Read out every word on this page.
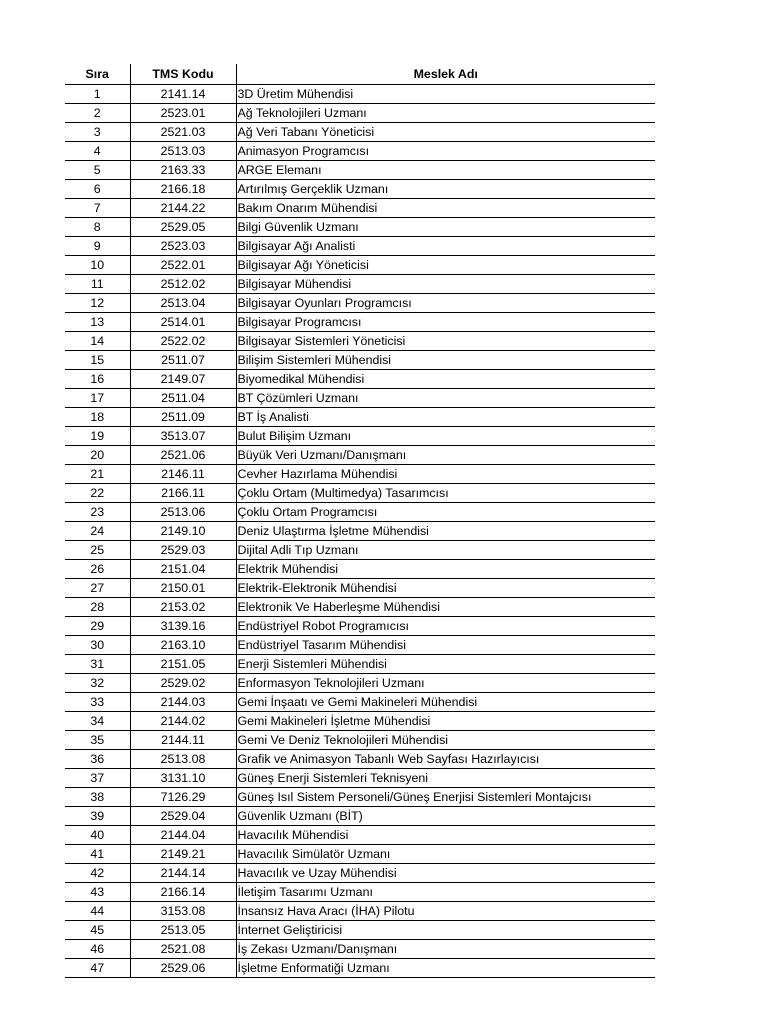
Sıra	TMS Kodu	Meslek Adı
1	2141.14	3D Üretim Mühendisi
2	2523.01	Ağ Teknolojileri Uzmanı
3	2521.03	Ağ Veri Tabanı Yöneticisi
4	2513.03	Animasyon Programcısı
5	2163.33	ARGE Elemanı
6	2166.18	Artırılmış Gerçeklik Uzmanı
7	2144.22	Bakım Onarım Mühendisi
8	2529.05	Bilgi Güvenlik Uzmanı
9	2523.03	Bilgisayar Ağı Analisti
10	2522.01	Bilgisayar Ağı Yöneticisi
11	2512.02	Bilgisayar Mühendisi
12	2513.04	Bilgisayar Oyunları Programcısı
13	2514.01	Bilgisayar Programcısı
14	2522.02	Bilgisayar Sistemleri Yöneticisi
15	2511.07	Bilişim Sistemleri Mühendisi
16	2149.07	Biyomedikal Mühendisi
17	2511.04	BT Çözümleri Uzmanı
18	2511.09	BT İş Analisti
19	3513.07	Bulut Bilişim Uzmanı
20	2521.06	Büyük Veri Uzmanı/Danışmanı
21	2146.11	Cevher Hazırlama Mühendisi
22	2166.11	Çoklu Ortam (Multimedya) Tasarımcısı
23	2513.06	Çoklu Ortam Programcısı
24	2149.10	Deniz Ulaştırma İşletme Mühendisi
25	2529.03	Dijital Adli Tıp Uzmanı
26	2151.04	Elektrik Mühendisi
27	2150.01	Elektrik-Elektronik Mühendisi
28	2153.02	Elektronik Ve Haberleşme Mühendisi
29	3139.16	Endüstriyel Robot Programıcısı
30	2163.10	Endüstriyel Tasarım Mühendisi
31	2151.05	Enerji Sistemleri Mühendisi
32	2529.02	Enformasyon Teknolojileri Uzmanı
33	2144.03	Gemi İnşaatı ve Gemi Makineleri Mühendisi
34	2144.02	Gemi Makineleri İşletme Mühendisi
35	2144.11	Gemi Ve Deniz Teknolojileri Mühendisi
36	2513.08	Grafik ve Animasyon Tabanlı Web Sayfası Hazırlayıcısı
37	3131.10	Güneş Enerji Sistemleri Teknisyeni
38	7126.29	Güneş Isıl Sistem Personeli/Güneş Enerjisi Sistemleri Montajcısı
39	2529.04	Güvenlik Uzmanı (BİT)
40	2144.04	Havacılık Mühendisi
41	2149.21	Havacılık Simülatör Uzmanı
42	2144.14	Havacılık ve Uzay Mühendisi
43	2166.14	İletişim Tasarımı Uzmanı
44	3153.08	İnsansız Hava Aracı (İHA) Pilotu
45	2513.05	İnternet Geliştiricisi
46	2521.08	İş Zekası Uzmanı/Danışmanı
47	2529.06	İşletme Enformatiği Uzmanı
